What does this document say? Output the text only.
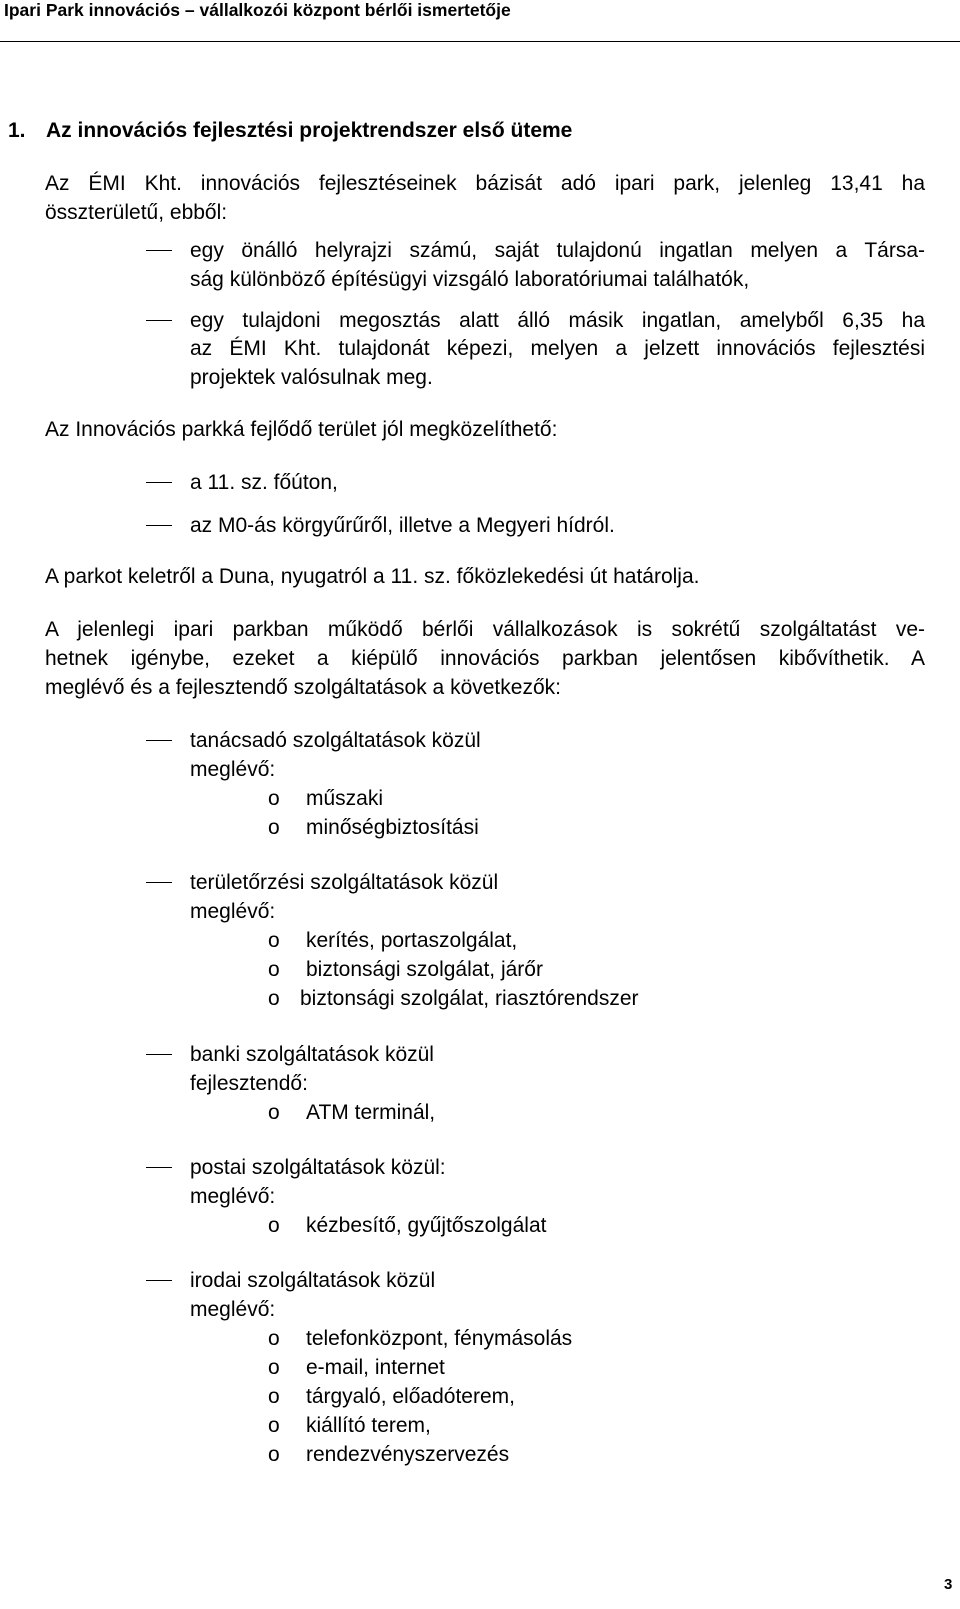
Ipari Park innovációs – vállalkozói központ bérlői ismertetője
1. Az innovációs fejlesztési projektrendszer első üteme
Az ÉMI Kht. innovációs fejlesztéseinek bázisát adó ipari park, jelenleg 13,41 ha
összterületű, ebből:
egy önálló helyrajzi számú, saját tulajdonú ingatlan melyen a Társa-
ság különböző építésügyi vizsgáló laboratóriumai találhatók,
egy tulajdoni megosztás alatt álló másik ingatlan, amelyből 6,35 ha
az ÉMI Kht. tulajdonát képezi, melyen a jelzett innovációs fejlesztési
projektek valósulnak meg.
Az Innovációs parkká fejlődő terület jól megközelíthető:
a 11. sz. főúton,
az M0-ás körgyűrűről, illetve a Megyeri hídról.
A parkot keletről a Duna, nyugatról a 11. sz. főközlekedési út határolja.
A jelenlegi ipari parkban működő bérlői vállalkozások is sokrétű szolgáltatást ve-
hetnek igénybe, ezeket a kiépülő innovációs parkban jelentősen kibővíthetik. A
meglévő és a fejlesztendő szolgáltatások a következők:
tanácsadó szolgáltatások közül
meglévő:
o műszaki
o minőségbiztosítási
területőrzési szolgáltatások közül
meglévő:
o kerítés, portaszolgálat,
o biztonsági szolgálat, járőr
o biztonsági szolgálat, riasztórendszer
banki szolgáltatások közül
fejlesztendő:
o ATM terminál,
postai szolgáltatások közül:
meglévő:
o kézbesítő, gyűjtőszolgálat
irodai szolgáltatások közül
meglévő:
o telefonközpont, fénymásolás
o e-mail, internet
o tárgyaló, előadóterem,
o kiállító terem,
o rendezvényszervezés
3
